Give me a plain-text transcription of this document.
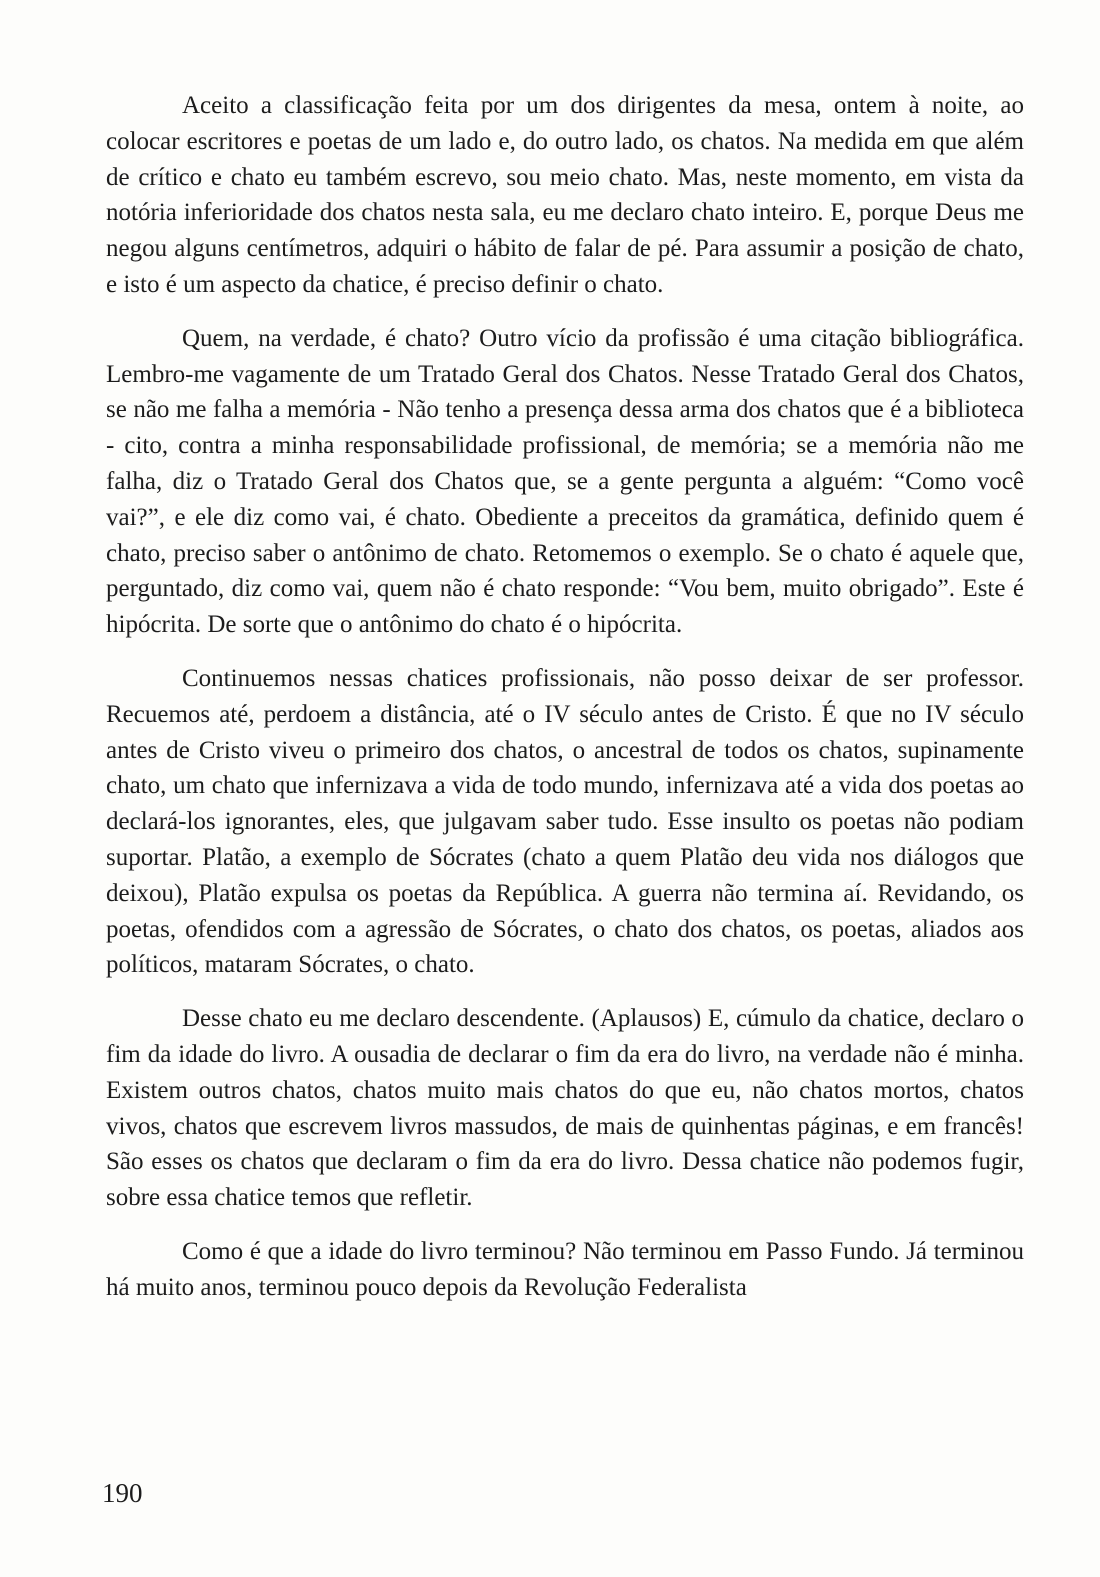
Aceito a classificação feita por um dos dirigentes da mesa, ontem à noite, ao colocar escritores e poetas de um lado e, do outro lado, os chatos. Na medida em que além de crítico e chato eu também escrevo, sou meio chato. Mas, neste momento, em vista da notória inferioridade dos chatos nesta sala, eu me declaro chato inteiro. E, porque Deus me negou alguns centímetros, adquiri o hábito de falar de pé. Para assumir a posição de chato, e isto é um aspecto da chatice, é preciso definir o chato.

Quem, na verdade, é chato? Outro vício da profissão é uma citação bibliográfica. Lembro-me vagamente de um Tratado Geral dos Chatos. Nesse Tratado Geral dos Chatos, se não me falha a memória - Não tenho a presença dessa arma dos chatos que é a biblioteca - cito, contra a minha responsabilidade profissional, de memória; se a memória não me falha, diz o Tratado Geral dos Chatos que, se a gente pergunta a alguém: “Como você vai?”, e ele diz como vai, é chato. Obediente a preceitos da gramática, definido quem é chato, preciso saber o antônimo de chato. Retomemos o exemplo. Se o chato é aquele que, perguntado, diz como vai, quem não é chato responde: “Vou bem, muito obrigado”. Este é hipócrita. De sorte que o antônimo do chato é o hipócrita.

Continuemos nessas chatices profissionais, não posso deixar de ser professor. Recuemos até, perdoem a distância, até o IV século antes de Cristo. É que no IV século antes de Cristo viveu o primeiro dos chatos, o ancestral de todos os chatos, supinamente chato, um chato que infernizava a vida de todo mundo, infernizava até a vida dos poetas ao declará-los ignorantes, eles, que julgavam saber tudo. Esse insulto os poetas não podiam suportar. Platão, a exemplo de Sócrates (chato a quem Platão deu vida nos diálogos que deixou), Platão expulsa os poetas da República. A guerra não termina aí. Revidando, os poetas, ofendidos com a agressão de Sócrates, o chato dos chatos, os poetas, aliados aos políticos, mataram Sócrates, o chato.

Desse chato eu me declaro descendente. (Aplausos) E, cúmulo da chatice, declaro o fim da idade do livro. A ousadia de declarar o fim da era do livro, na verdade não é minha. Existem outros chatos, chatos muito mais chatos do que eu, não chatos mortos, chatos vivos, chatos que escrevem livros massudos, de mais de quinhentas páginas, e em francês! São esses os chatos que declaram o fim da era do livro. Dessa chatice não podemos fugir, sobre essa chatice temos que refletir.

Como é que a idade do livro terminou? Não terminou em Passo Fundo. Já terminou há muito anos, terminou pouco depois da Revolução Federalista

190
